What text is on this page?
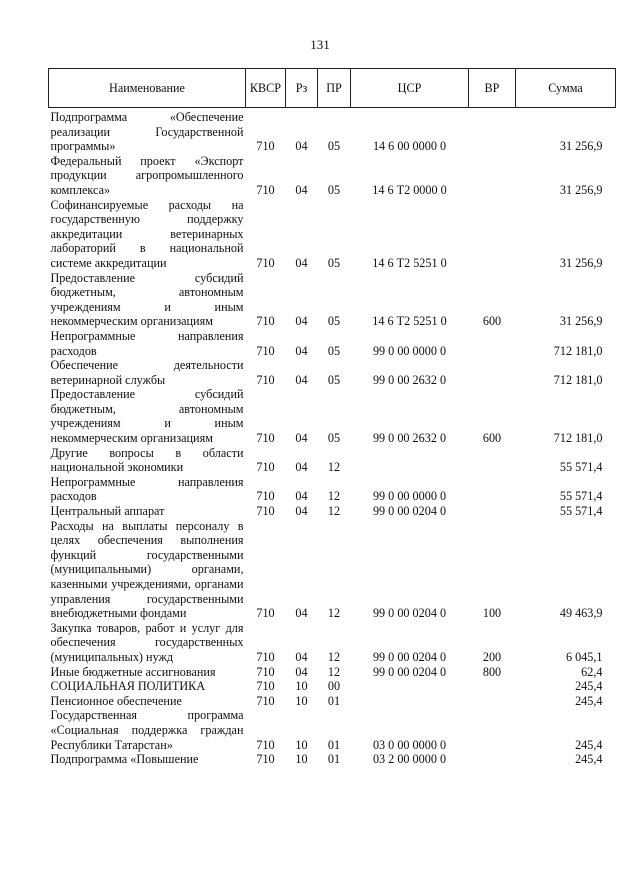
131
Наименование	КВСР	Рз	ПР	ЦСР	ВР	Сумма
Подпрограмма «Обеспечение реализации Государственной программы»	710	04	05	14 6 00 0000 0		31 256,9
Федеральный проект «Экспорт продукции агропромышленного комплекса»	710	04	05	14 6 Т2 0000 0		31 256,9
Софинансируемые расходы на государственную поддержку аккредитации ветеринарных лабораторий в национальной системе аккредитации	710	04	05	14 6 Т2 5251 0		31 256,9
Предоставление субсидий бюджетным, автономным учреждениям и иным некоммерческим организациям	710	04	05	14 6 Т2 5251 0	600	31 256,9
Непрограммные направления расходов	710	04	05	99 0 00 0000 0		712 181,0
Обеспечение деятельности ветеринарной службы	710	04	05	99 0 00 2632 0		712 181,0
Предоставление субсидий бюджетным, автономным учреждениям и иным некоммерческим организациям	710	04	05	99 0 00 2632 0	600	712 181,0
Другие вопросы в области национальной экономики	710	04	12			55 571,4
Непрограммные направления расходов	710	04	12	99 0 00 0000 0		55 571,4
Центральный аппарат	710	04	12	99 0 00 0204 0		55 571,4
Расходы на выплаты персоналу в целях обеспечения выполнения функций государственными (муниципальными) органами, казенными учреждениями, органами управления государственными внебюджетными фондами	710	04	12	99 0 00 0204 0	100	49 463,9
Закупка товаров, работ и услуг для обеспечения государственных (муниципальных) нужд	710	04	12	99 0 00 0204 0	200	6 045,1
Иные бюджетные ассигнования	710	04	12	99 0 00 0204 0	800	62,4
СОЦИАЛЬНАЯ ПОЛИТИКА	710	10	00			245,4
Пенсионное обеспечение	710	10	01			245,4
Государственная программа «Социальная поддержка граждан Республики Татарстан»	710	10	01	03 0 00 0000 0		245,4
Подпрограмма «Повышение	710	10	01	03 2 00 0000 0		245,4
